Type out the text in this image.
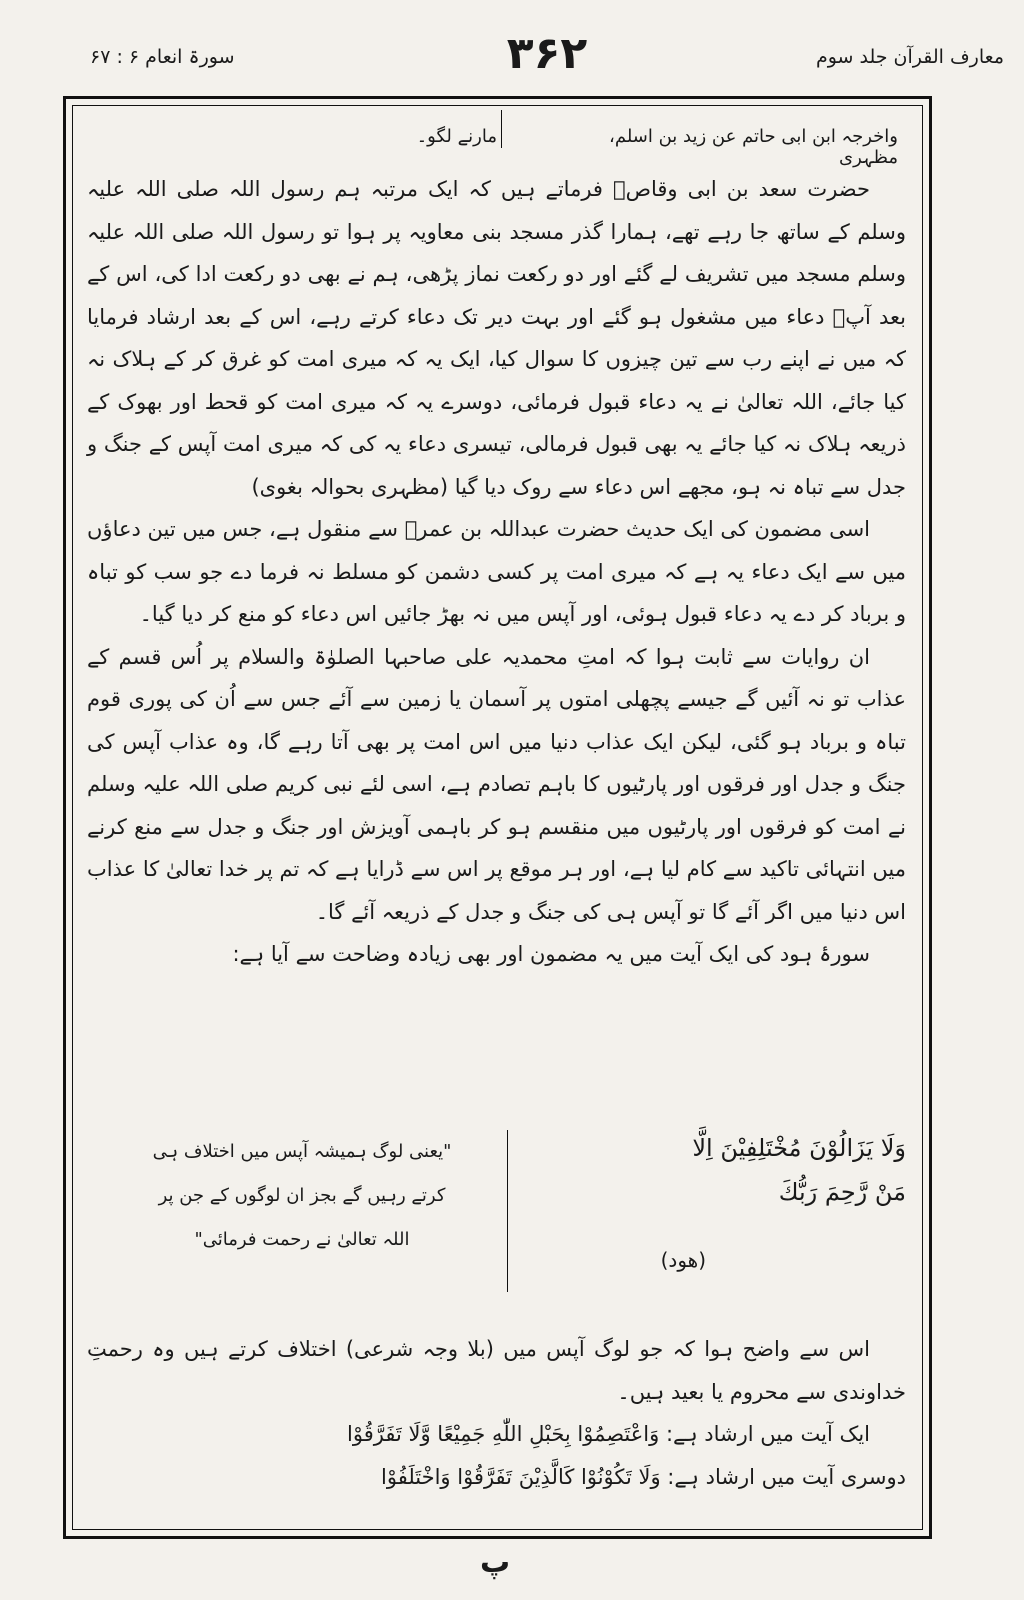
معارف القرآن جلد سوم
۳۶۲
سورۃ انعام ۶ : ۶۷
واخرجہ ابن ابی حاتم عن زید بن اسلم، مظہری
مارنے لگو۔

حضرت سعد بن ابی وقاصؓ فرماتے ہیں کہ ایک مرتبہ ہم رسول اللہ صلی اللہ علیہ وسلم کے ساتھ جا رہے تھے، ہمارا گذر مسجد بنی معاویہ پر ہوا تو رسول اللہ صلی اللہ علیہ وسلم مسجد میں تشریف لے گئے اور دو رکعت نماز پڑھی، ہم نے بھی دو رکعت ادا کی، اس کے بعد آپؐ دعاء میں مشغول ہو گئے اور بہت دیر تک دعاء کرتے رہے، اس کے بعد ارشاد فرمایا کہ میں نے اپنے رب سے تین چیزوں کا سوال کیا، ایک یہ کہ میری امت کو غرق کر کے ہلاک نہ کیا جائے، اللہ تعالیٰ نے یہ دعاء قبول فرمائی، دوسرے یہ کہ میری امت کو قحط اور بھوک کے ذریعہ ہلاک نہ کیا جائے یہ بھی قبول فرمالی، تیسری دعاء یہ کی کہ میری امت آپس کے جنگ و جدل سے تباہ نہ ہو، مجھے اس دعاء سے روک دیا گیا (مظہری بحوالہ بغوی)

اسی مضمون کی ایک حدیث حضرت عبداللہ بن عمرؓ سے منقول ہے، جس میں تین دعاؤں میں سے ایک دعاء یہ ہے کہ میری امت پر کسی دشمن کو مسلط نہ فرما دے جو سب کو تباہ و برباد کر دے یہ دعاء قبول ہوئی، اور آپس میں نہ بھڑ جائیں اس دعاء کو منع کر دیا گیا۔

ان روایات سے ثابت ہوا کہ امتِ محمدیہ علی صاحبہا الصلوٰۃ والسلام پر اُس قسم کے عذاب تو نہ آئیں گے جیسے پچھلی امتوں پر آسمان یا زمین سے آئے جس سے اُن کی پوری قوم تباہ و برباد ہو گئی، لیکن ایک عذاب دنیا میں اس امت پر بھی آتا رہے گا، وہ عذاب آپس کی جنگ و جدل اور فرقوں اور پارٹیوں کا باہم تصادم ہے، اسی لئے نبی کریم صلی اللہ علیہ وسلم نے امت کو فرقوں اور پارٹیوں میں منقسم ہو کر باہمی آویزش اور جنگ و جدل سے منع کرنے میں انتہائی تاکید سے کام لیا ہے، اور ہر موقع پر اس سے ڈرایا ہے کہ تم پر خدا تعالیٰ کا عذاب اس دنیا میں اگر آئے گا تو آپس ہی کی جنگ و جدل کے ذریعہ آئے گا۔

سورۂ ہود کی ایک آیت میں یہ مضمون اور بھی زیادہ وضاحت سے آیا ہے:

وَلَا يَزَالُوْنَ مُخْتَلِفِيْنَ اِلَّا
مَنْ رَّحِمَ رَبُّكَ
(ھود)
"یعنی لوگ ہمیشہ آپس میں اختلاف ہی
کرتے رہیں گے بجز ان لوگوں کے جن پر
اللہ تعالیٰ نے رحمت فرمائی"

اس سے واضح ہوا کہ جو لوگ آپس میں (بلا وجہ شرعی) اختلاف کرتے ہیں وہ رحمتِ خداوندی سے محروم یا بعید ہیں۔

ایک آیت میں ارشاد ہے: وَاعْتَصِمُوْا بِحَبْلِ اللّٰهِ جَمِيْعًا وَّلَا تَفَرَّقُوْا

دوسری آیت میں ارشاد ہے: وَلَا تَكُوْنُوْا كَالَّذِيْنَ تَفَرَّقُوْا وَاخْتَلَفُوْا

پ
